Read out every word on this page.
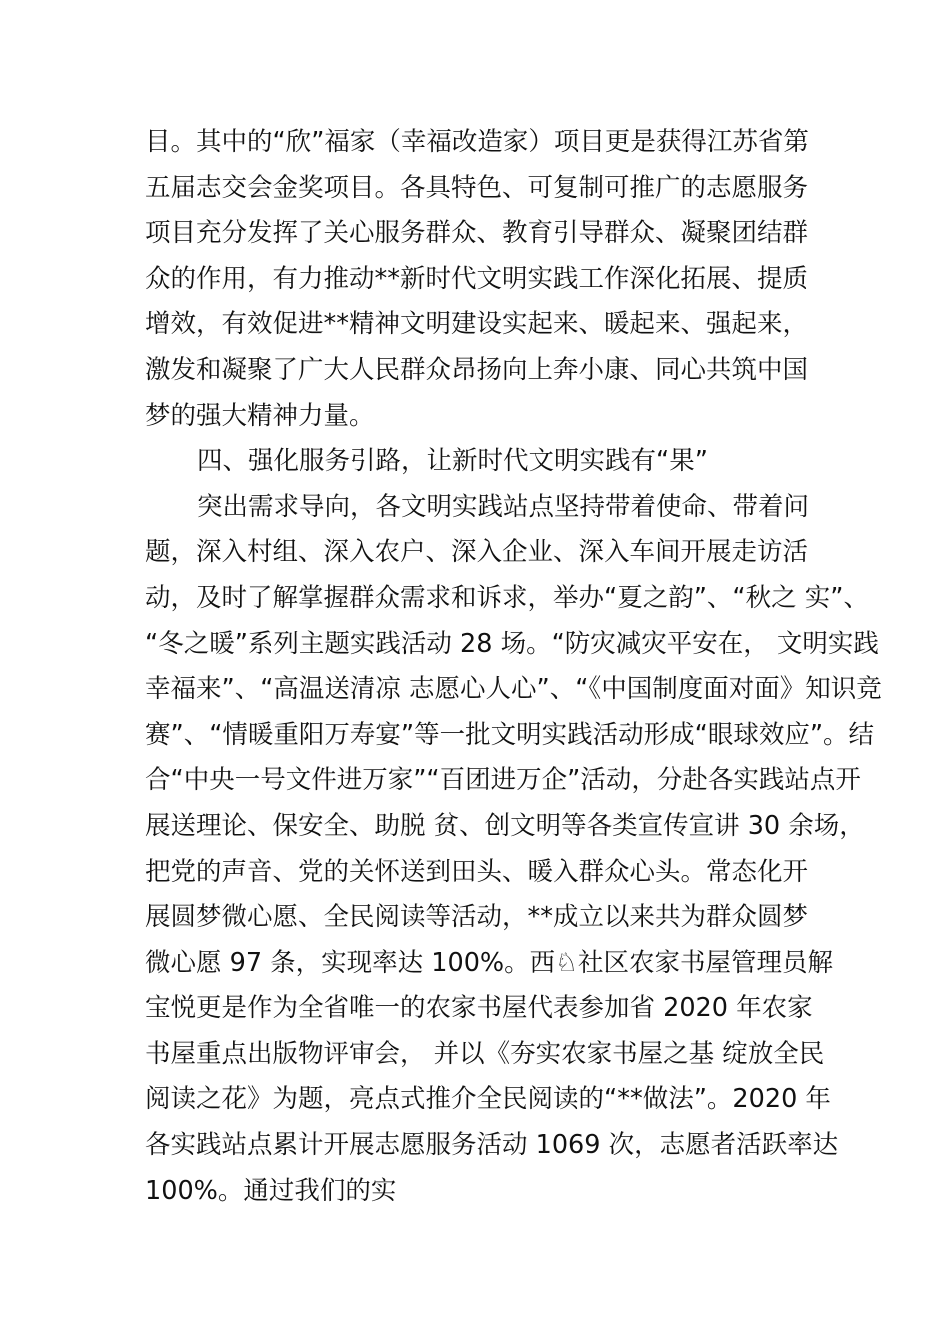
目。其中的“欣”福家（幸福改造家）项目更是获得江苏省第
五届志交会金奖项目。各具特色、可复制可推广的志愿服务
项目充分发挥了关心服务群众、教育引导群众、凝聚团结群
众的作用，有力推动**新时代文明实践工作深化拓展、提质
增效，有效促进**精神文明建设实起来、暖起来、强起来，
激发和凝聚了广大人民群众昂扬向上奔小康、同心共筑中国
梦的强大精神力量。
四、强化服务引路，让新时代文明实践有“果”
突出需求导向，各文明实践站点坚持带着使命、带着问
题，深入村组、深入农户、深入企业、深入车间开展走访活
动，及时了解掌握群众需求和诉求，举办“夏之韵”、“秋之 实”、
“冬之暖”系列主题实践活动 28 场。“防灾减灾平安在， 文明实践
幸福来”、“高温送清凉 志愿心人心”、“《中国制度面对面》知识竞
赛”、“情暖重阳万寿宴”等一批文明实践活动形成“眼球效应”。结
合“中央一号文件进万家”“百团进万企”活动，分赴各实践站点开
展送理论、保安全、助脱 贫、创文明等各类宣传宣讲 30 余场，
把党的声音、党的关怀送到田头、暖入群众心头。常态化开
展圆梦微心愿、全民阅读等活动，**成立以来共为群众圆梦
微心愿 97 条，实现率达 100%。西♘社区农家书屋管理员解
宝悦更是作为全省唯一的农家书屋代表参加省 2020 年农家
书屋重点出版物评审会， 并以《夯实农家书屋之基 绽放全民
阅读之花》为题，亮点式推介全民阅读的“**做法”。2020 年
各实践站点累计开展志愿服务活动 1069 次，志愿者活跃率达
100%。通过我们的实
